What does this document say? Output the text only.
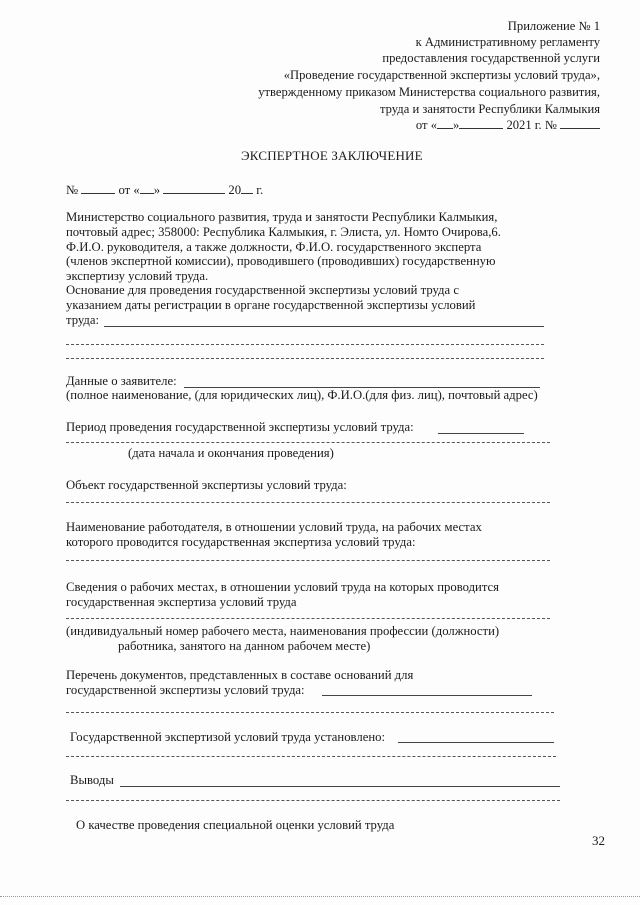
Приложение № 1
к Административному регламенту
предоставления государственной услуги
«Проведение государственной экспертизы условий труда»,
утвержденному приказом Министерства социального развития,
труда и занятости Республики Калмыкия
от « »	2021 г. №
ЭКСПЕРТНОЕ ЗАКЛЮЧЕНИЕ
№	от « »	20 г.
Министерство социального развития, труда и занятости Республики Калмыкия,
почтовый адрес; 358000: Республика Калмыкия, г. Элиста, ул. Номто Очирова,6.
Ф.И.О. руководителя, а также должности, Ф.И.О. государственного эксперта
(членов экспертной комиссии), проводившего (проводивших) государственную
экспертизу условий труда.
Основание для проведения государственной экспертизы условий труда с
указанием даты регистрации в органе государственной экспертизы условий
труда:
Данные о заявителе:
(полное наименование, (для юридических лиц), Ф.И.О.(для физ. лиц), почтовый адрес)
Период проведения государственной экспертизы условий труда:
(дата начала и окончания проведения)
Объект государственной экспертизы условий труда:
Наименование работодателя, в отношении условий труда, на рабочих местах
которого проводится государственная экспертиза условий труда:
Сведения о рабочих местах, в отношении условий труда на которых проводится
государственная экспертиза условий труда
(индивидуальный номер рабочего места, наименования профессии (должности)
работника, занятого на данном рабочем месте)
Перечень документов, представленных в составе оснований для
государственной экспертизы условий труда:
Государственной экспертизой условий труда установлено:
Выводы
О качестве проведения специальной оценки условий труда
32
